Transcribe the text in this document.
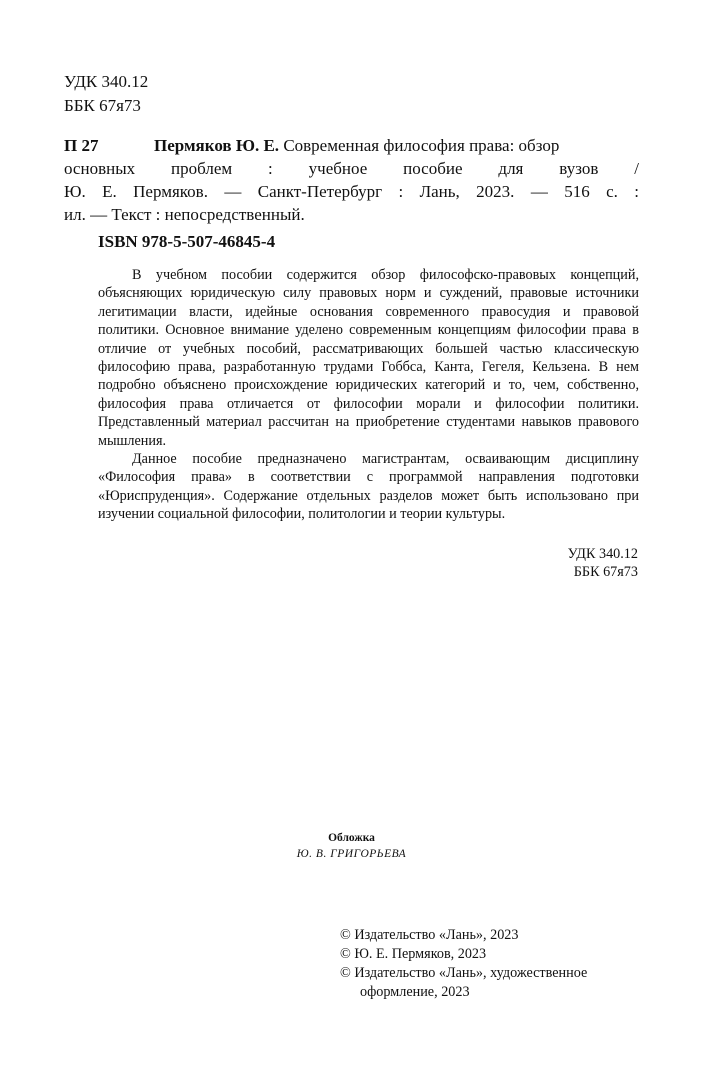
УДК 340.12
ББК 67я73
П 27	Пермяков Ю. Е. Современная философия права: обзор
основных проблем : учебное пособие для вузов /
Ю. Е. Пермяков. — Санкт-Петербург : Лань, 2023. — 516 с. :
ил. — Текст : непосредственный.
ISBN 978-5-507-46845-4

В учебном пособии содержится обзор философско-правовых концепций, объясняющих юридическую силу правовых норм и суждений, правовые источники легитимации власти, идейные основания современного правосудия и правовой политики. Основное внимание уделено современным концепциям философии права в отличие от учебных пособий, рассматривающих большей частью классическую философию права, разработанную трудами Гоббса, Канта, Гегеля, Кельзена. В нем подробно объяснено происхождение юридических категорий и то, чем, собственно, философия права отличается от философии морали и философии политики. Представленный материал рассчитан на приобретение студентами навыков правового мышления.

Данное пособие предназначено магистрантам, осваивающим дисциплину «Философия права» в соответствии с программой направления подготовки «Юриспруденция». Содержание отдельных разделов может быть использовано при изучении социальной философии, политологии и теории культуры.

УДК 340.12
ББК 67я73
Обложка
Ю. В. ГРИГОРЬЕВА
© Издательство «Лань», 2023
© Ю. Е. Пермяков, 2023
© Издательство «Лань», художественное оформление, 2023
